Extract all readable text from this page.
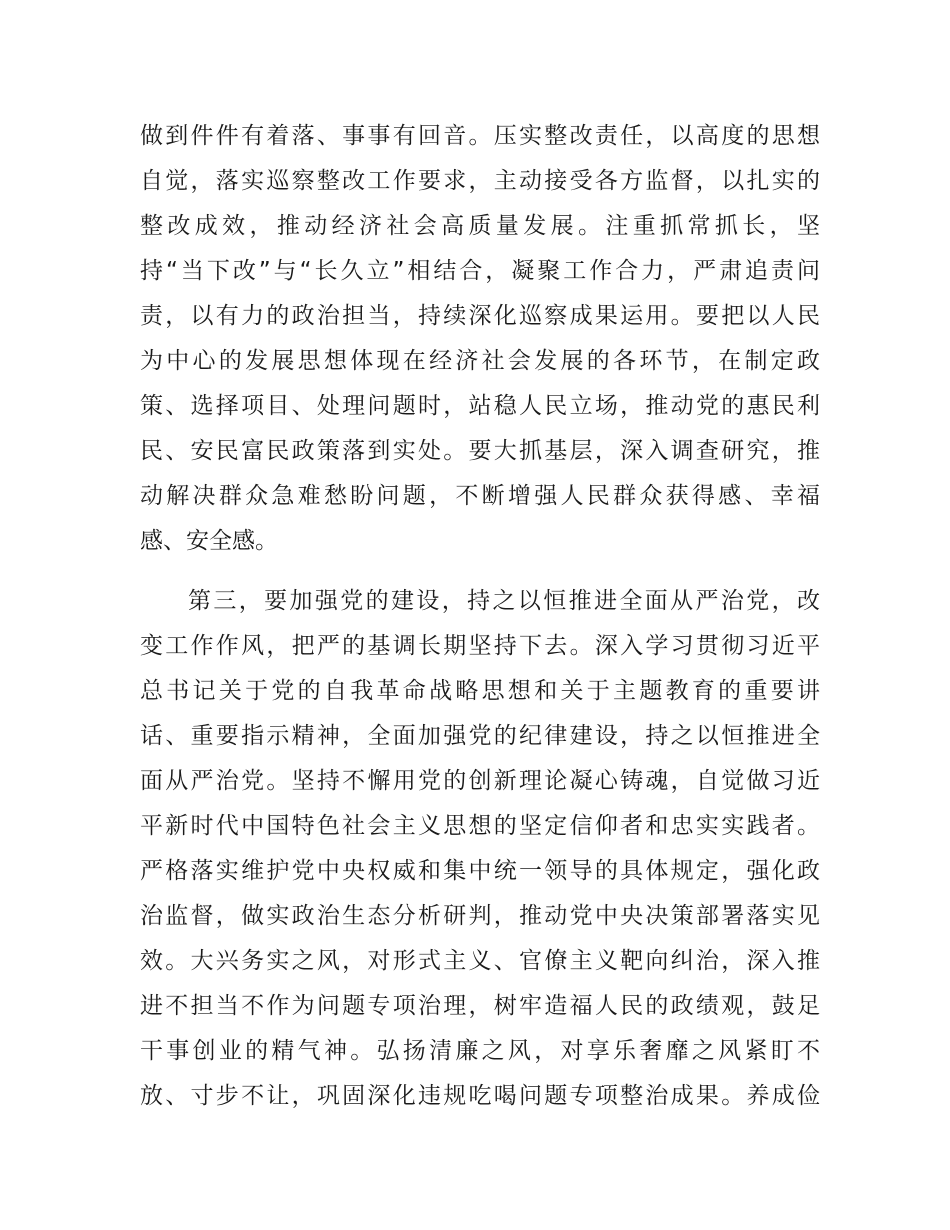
做到件件有着落、事事有回音。压实整改责任，以高度的思想
自觉，落实巡察整改工作要求，主动接受各方监督，以扎实的
整改成效，推动经济社会高质量发展。注重抓常抓长，坚
持“当下改”与“长久立”相结合，凝聚工作合力，严肃追责问
责，以有力的政治担当，持续深化巡察成果运用。要把以人民
为中心的发展思想体现在经济社会发展的各环节，在制定政
策、选择项目、处理问题时，站稳人民立场，推动党的惠民利
民、安民富民政策落到实处。要大抓基层，深入调查研究，推
动解决群众急难愁盼问题，不断增强人民群众获得感、幸福
感、安全感。
第三，要加强党的建设，持之以恒推进全面从严治党，改
变工作作风，把严的基调长期坚持下去。深入学习贯彻习近平
总书记关于党的自我革命战略思想和关于主题教育的重要讲
话、重要指示精神，全面加强党的纪律建设，持之以恒推进全
面从严治党。坚持不懈用党的创新理论凝心铸魂，自觉做习近
平新时代中国特色社会主义思想的坚定信仰者和忠实实践者。
严格落实维护党中央权威和集中统一领导的具体规定，强化政
治监督，做实政治生态分析研判，推动党中央决策部署落实见
效。大兴务实之风，对形式主义、官僚主义靶向纠治，深入推
进不担当不作为问题专项治理，树牢造福人民的政绩观，鼓足
干事创业的精气神。弘扬清廉之风，对享乐奢靡之风紧盯不
放、寸步不让，巩固深化违规吃喝问题专项整治成果。养成俭
